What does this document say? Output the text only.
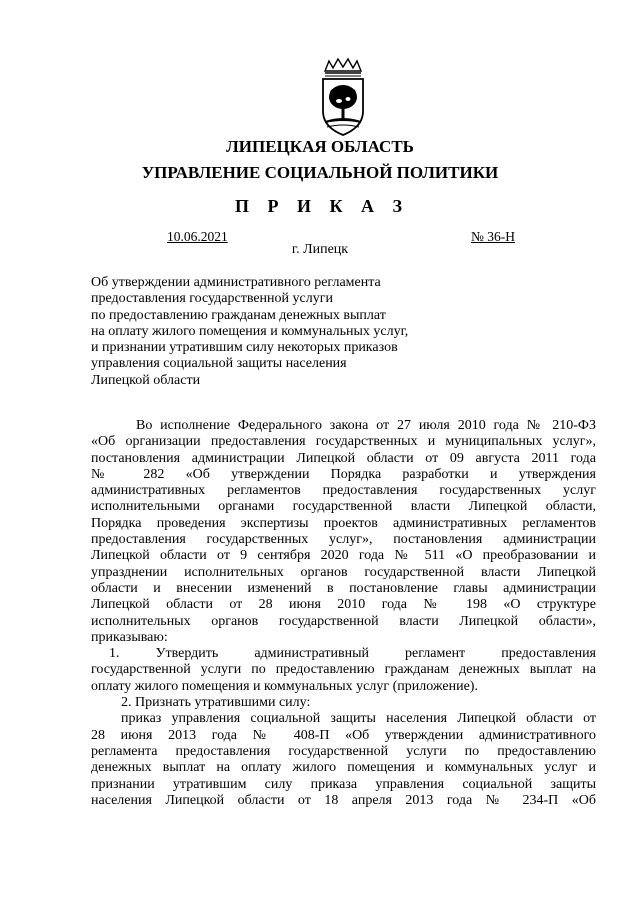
ЛИПЕЦКАЯ ОБЛАСТЬ
УПРАВЛЕНИЕ СОЦИАЛЬНОЙ ПОЛИТИКИ
П Р И К А З
10.06.2021	№ 36-Н
г. Липецк
Об утверждении административного регламента
предоставления государственной услуги
по предоставлению гражданам денежных выплат
на оплату жилого помещения и коммунальных услуг,
и признании утратившим силу некоторых приказов
управления социальной защиты населения
Липецкой области
Во исполнение Федерального закона от 27 июля 2010 года № 210-ФЗ
«Об организации предоставления государственных и муниципальных услуг»,
постановления администрации Липецкой области от 09 августа 2011 года
№ 282 «Об утверждении Порядка разработки и утверждения
административных регламентов предоставления государственных услуг
исполнительными органами государственной власти Липецкой области,
Порядка проведения экспертизы проектов административных регламентов
предоставления государственных услуг», постановления администрации
Липецкой области от 9 сентября 2020 года № 511 «О преобразовании и
упразднении исполнительных органов государственной власти Липецкой
области и внесении изменений в постановление главы администрации
Липецкой области от 28 июня 2010 года № 198 «О структуре
исполнительных органов государственной власти Липецкой области»,
приказываю:
1. Утвердить административный регламент предоставления
государственной услуги по предоставлению гражданам денежных выплат на
оплату жилого помещения и коммунальных услуг (приложение).
2. Признать утратившими силу:
приказ управления социальной защиты населения Липецкой области от
28 июня 2013 года № 408-П «Об утверждении административного
регламента предоставления государственной услуги по предоставлению
денежных выплат на оплату жилого помещения и коммунальных услуг и
признании утратившим силу приказа управления социальной защиты
населения Липецкой области от 18 апреля 2013 года № 234-П «Об
